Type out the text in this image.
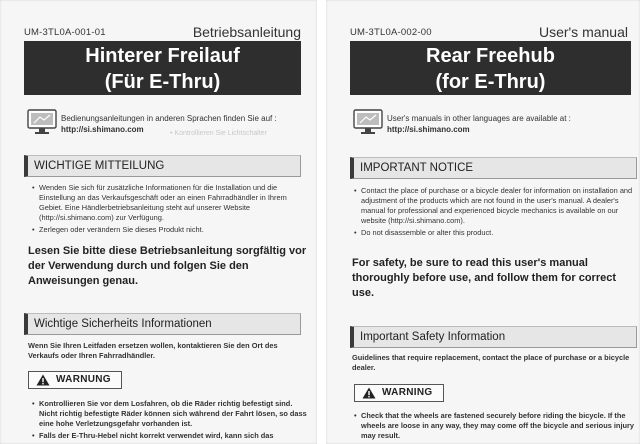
UM-3TL0A-001-01	Betriebsanleitung
Hinterer Freilauf
(Für E-Thru)
Bedienungsanleitungen in anderen Sprachen finden Sie auf :
http://si.shimano.com	• Kontrollieren Sie Lichtschalter
WICHTIGE MITTEILUNG
• Wenden Sie sich für zusätzliche Informationen für die Installation und die Einstellung an das Verkaufsgeschäft oder an einen Fahrradhändler in Ihrem Gebiet. Eine Händlerbetriebsanleitung steht auf unserer Website (http://si.shimano.com) zur Verfügung.
• Zerlegen oder verändern Sie dieses Produkt nicht.
Lesen Sie bitte diese Betriebsanleitung sorgfältig vor der Verwendung durch und folgen Sie den Anweisungen genau.
Wichtige Sicherheits Informationen
Wenn Sie Ihren Leitfaden ersetzen wollen, kontaktieren Sie den Ort des Verkaufs oder Ihren Fahrradhändler.
WARNUNG
• Kontrollieren Sie vor dem Losfahren, ob die Räder richtig befestigt sind. Nicht richtig befestigte Räder können sich während der Fahrt lösen, so dass eine hohe Verletzungsgefahr vorhanden ist.
• Falls der E-Thru-Hebel nicht korrekt verwendet wird, kann sich das
UM-3TL0A-002-00	User's manual
Rear Freehub
(for E-Thru)
User's manuals in other languages are available at :
http://si.shimano.com
IMPORTANT NOTICE
• Contact the place of purchase or a bicycle dealer for information on installation and adjustment of the products which are not found in the user's manual. A dealer's manual for professional and experienced bicycle mechanics is available on our website (http://si.shimano.com).
• Do not disassemble or alter this product.
For safety, be sure to read this user's manual thoroughly before use, and follow them for correct use.
Important Safety Information
Guidelines that require replacement, contact the place of purchase or a bicycle dealer.
WARNING
• Check that the wheels are fastened securely before riding the bicycle. If the wheels are loose in any way, they may come off the bicycle and serious injury may result.
